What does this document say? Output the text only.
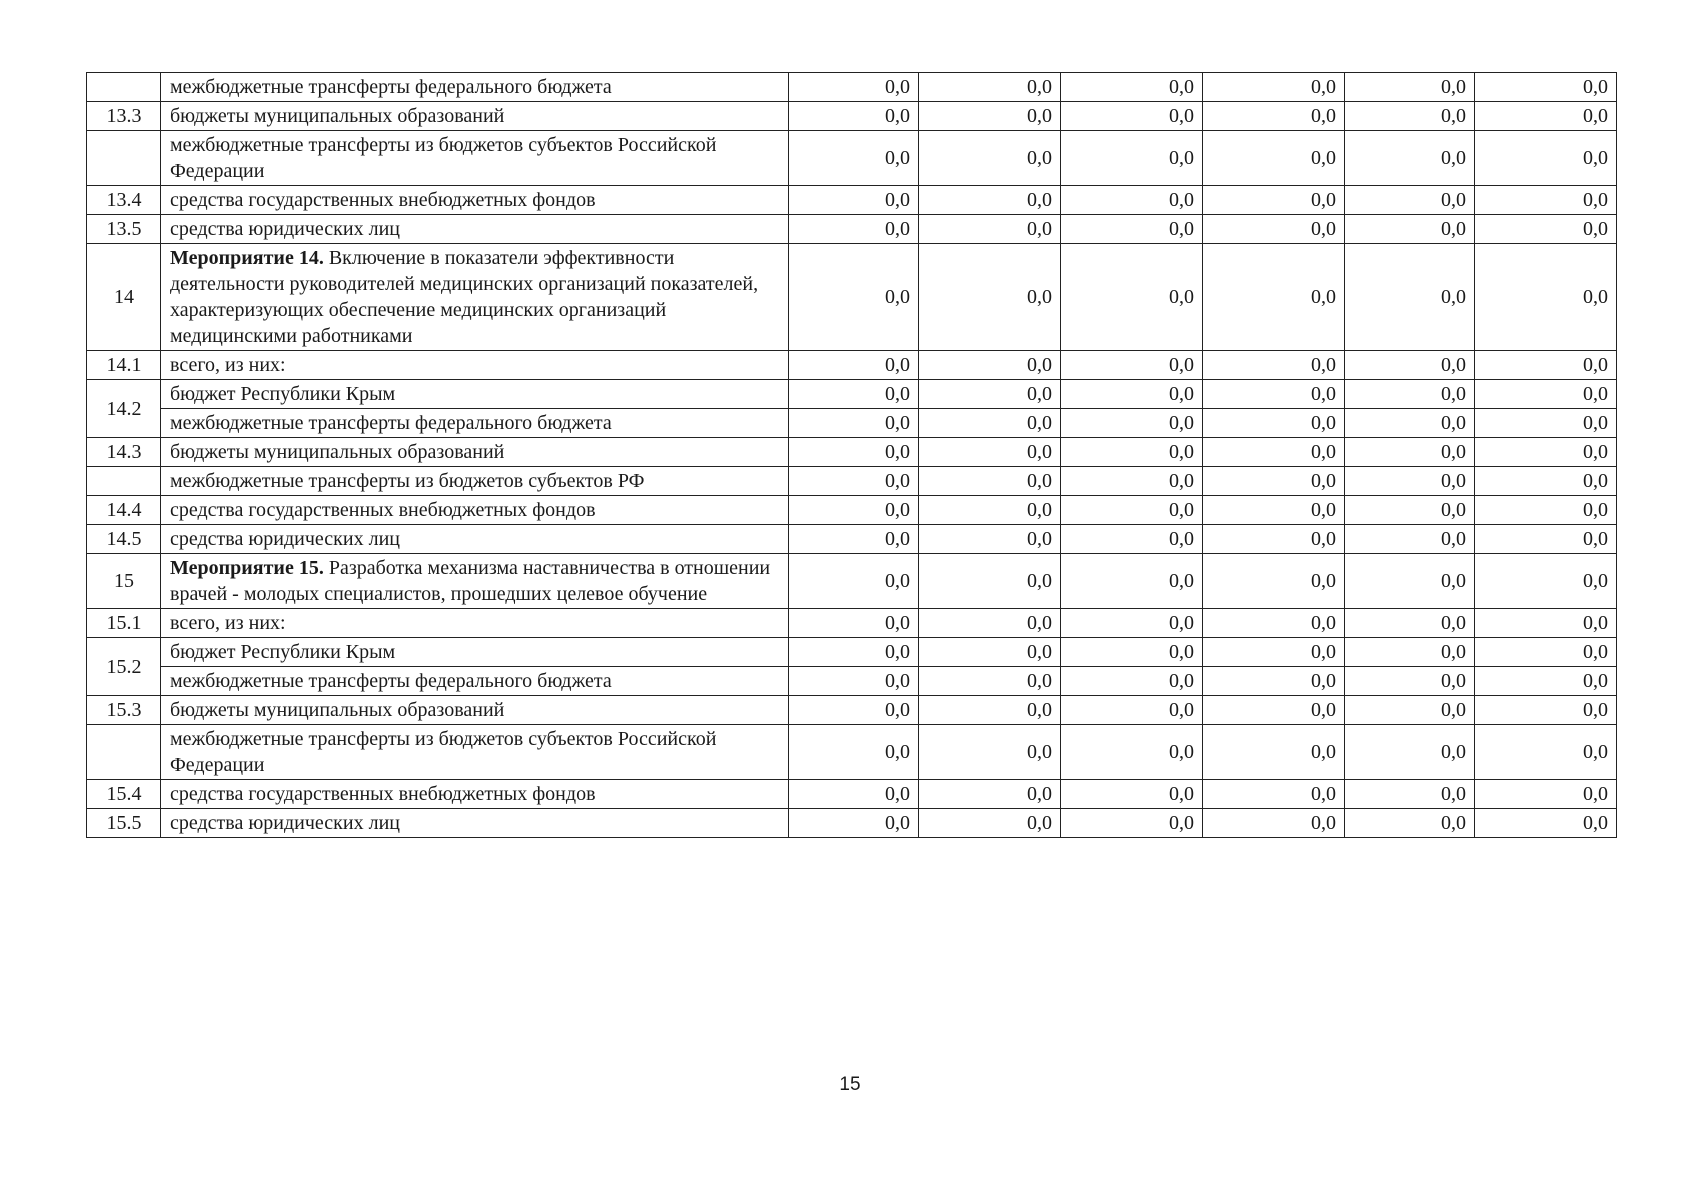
	межбюджетные трансферты федерального бюджета	0,0	0,0	0,0	0,0	0,0	0,0
13.3	бюджеты муниципальных образований	0,0	0,0	0,0	0,0	0,0	0,0
	межбюджетные трансферты из бюджетов субъектов Российской Федерации	0,0	0,0	0,0	0,0	0,0	0,0
13.4	средства государственных внебюджетных фондов	0,0	0,0	0,0	0,0	0,0	0,0
13.5	средства юридических лиц	0,0	0,0	0,0	0,0	0,0	0,0
14	Мероприятие 14. Включение в показатели эффективности деятельности руководителей медицинских организаций показателей, характеризующих обеспечение медицинских организаций медицинскими работниками	0,0	0,0	0,0	0,0	0,0	0,0
14.1	всего, из них:	0,0	0,0	0,0	0,0	0,0	0,0
14.2	бюджет Республики Крым	0,0	0,0	0,0	0,0	0,0	0,0
	межбюджетные трансферты федерального бюджета	0,0	0,0	0,0	0,0	0,0	0,0
14.3	бюджеты муниципальных образований	0,0	0,0	0,0	0,0	0,0	0,0
	межбюджетные трансферты из бюджетов субъектов РФ	0,0	0,0	0,0	0,0	0,0	0,0
14.4	средства государственных внебюджетных фондов	0,0	0,0	0,0	0,0	0,0	0,0
14.5	средства юридических лиц	0,0	0,0	0,0	0,0	0,0	0,0
15	Мероприятие 15. Разработка механизма наставничества в отношении врачей - молодых специалистов, прошедших целевое обучение	0,0	0,0	0,0	0,0	0,0	0,0
15.1	всего, из них:	0,0	0,0	0,0	0,0	0,0	0,0
15.2	бюджет Республики Крым	0,0	0,0	0,0	0,0	0,0	0,0
	межбюджетные трансферты федерального бюджета	0,0	0,0	0,0	0,0	0,0	0,0
15.3	бюджеты муниципальных образований	0,0	0,0	0,0	0,0	0,0	0,0
	межбюджетные трансферты из бюджетов субъектов Российской Федерации	0,0	0,0	0,0	0,0	0,0	0,0
15.4	средства государственных внебюджетных фондов	0,0	0,0	0,0	0,0	0,0	0,0
15.5	средства юридических лиц	0,0	0,0	0,0	0,0	0,0	0,0
15
